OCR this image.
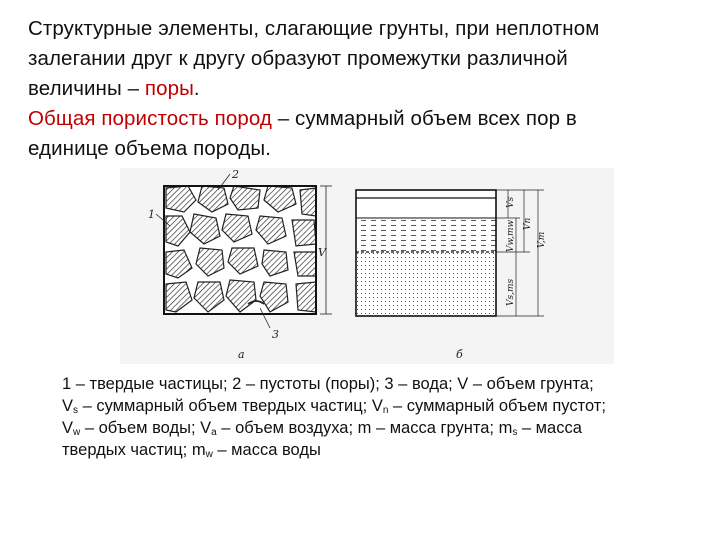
Структурные элементы, слагающие грунты, при неплотном
залегании друг к другу образуют промежутки различной
величины – поры.
Общая пористость пород – суммарный объем всех пор в
единице объема породы.
2
1
3
V
а
Vs
Vw,mw
Vs,ms
Vn
V,m
б
1 – твердые частицы; 2 – пустоты (поры); 3 – вода; V – объем грунта;
$V_s$ – суммарный объем твердых частиц; $V_n$ – суммарный объем пустот;
$V_w$ – объем воды; $V_a$ – объем воздуха; m – масса грунта; $m_s$ – масса
твердых частиц; $m_w$ – масса воды
